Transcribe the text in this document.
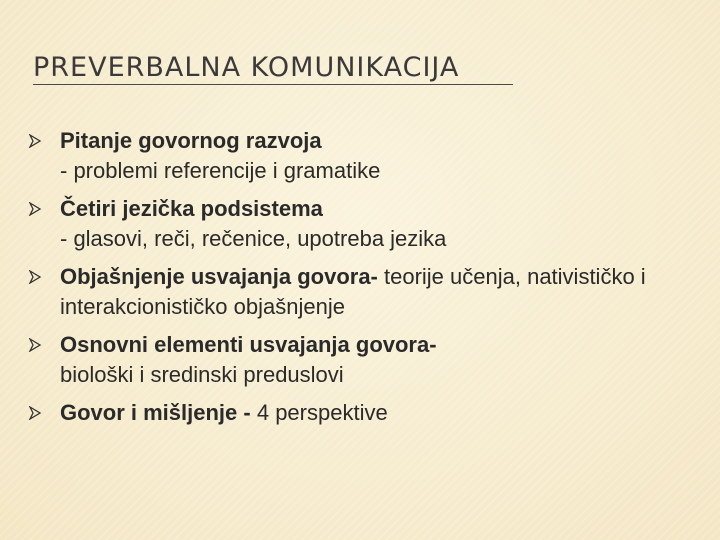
PREVERBALNA KOMUNIKACIJA
Pitanje govornog razvoja
- problemi referencije i gramatike
Četiri jezička podsistema
- glasovi, reči, rečenice, upotreba jezika
Objašnjenje usvajanja govora- teorije učenja, nativističko i interakcionističko objašnjenje
Osnovni elementi usvajanja govora-
biološki i sredinski preduslovi
Govor i mišljenje - 4 perspektive
